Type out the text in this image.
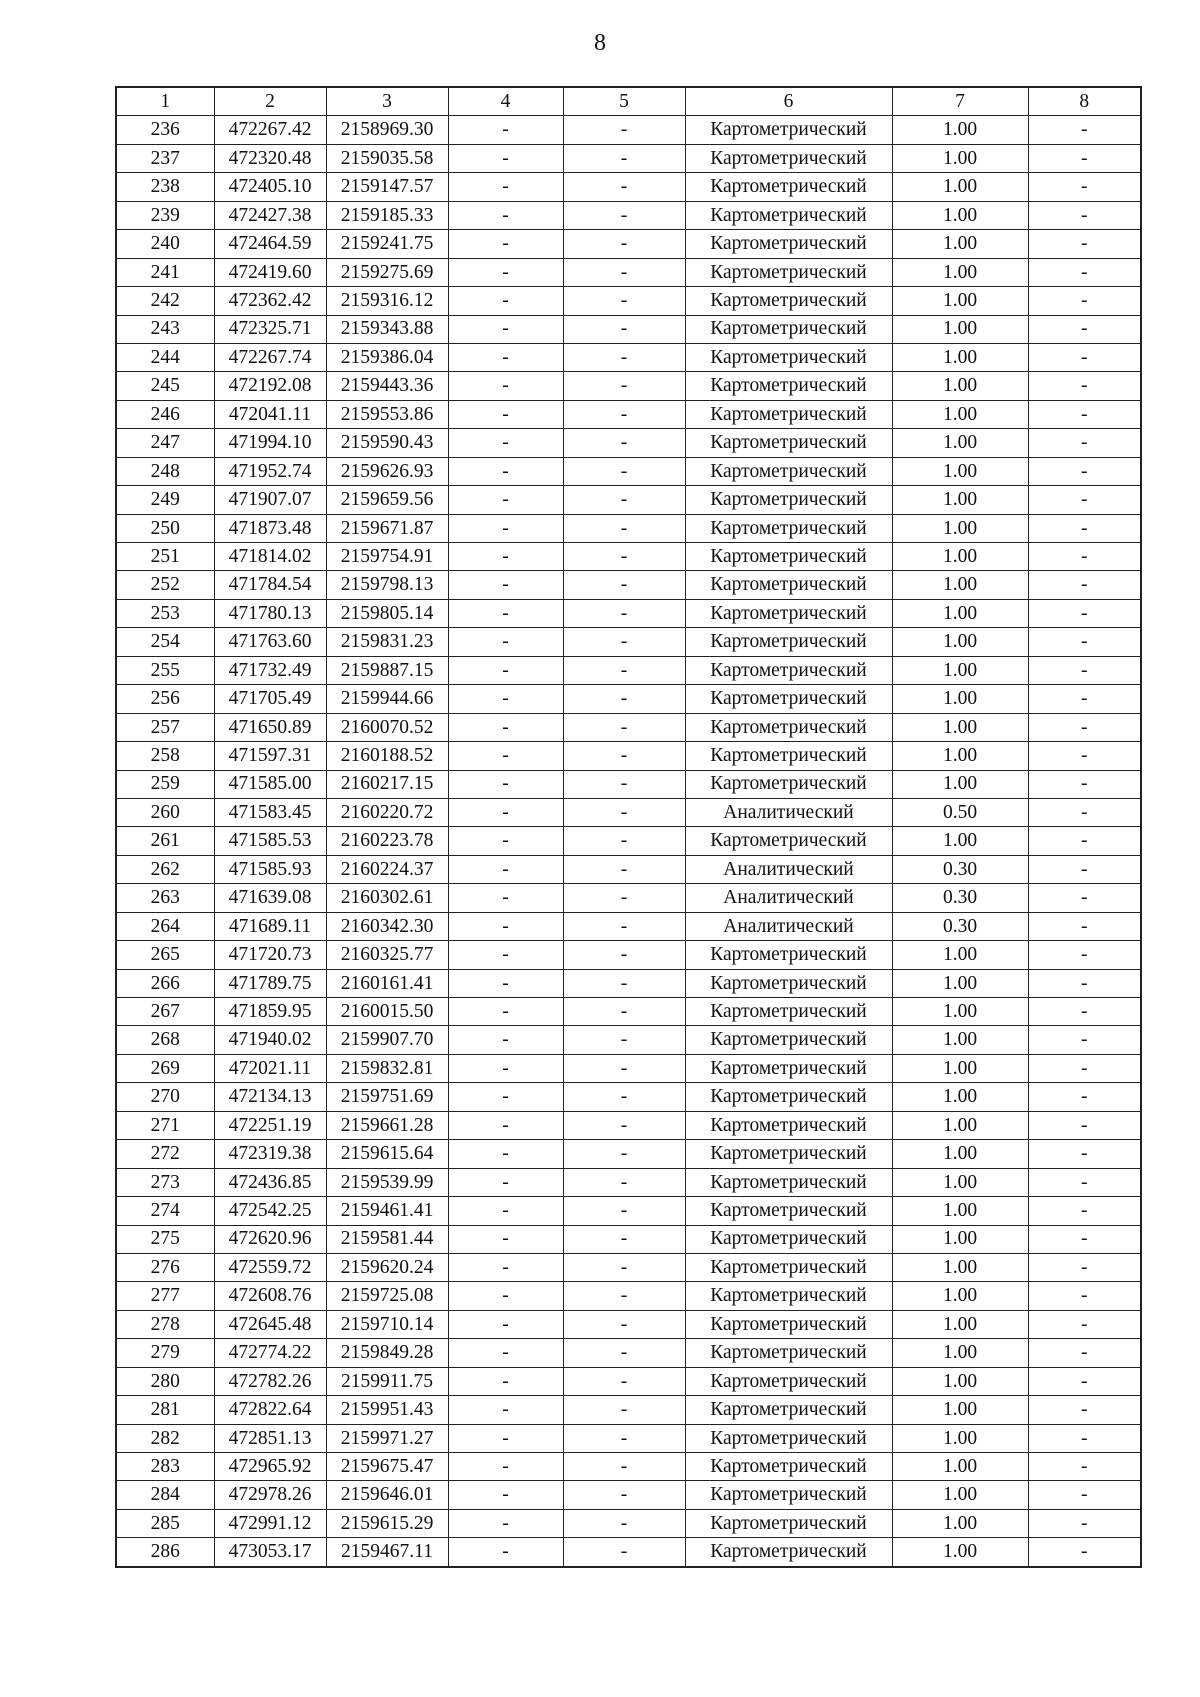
8
1	2	3	4	5	6	7	8
236	472267.42	2158969.30	-	-	Картометрический	1.00	-
237	472320.48	2159035.58	-	-	Картометрический	1.00	-
238	472405.10	2159147.57	-	-	Картометрический	1.00	-
239	472427.38	2159185.33	-	-	Картометрический	1.00	-
240	472464.59	2159241.75	-	-	Картометрический	1.00	-
241	472419.60	2159275.69	-	-	Картометрический	1.00	-
242	472362.42	2159316.12	-	-	Картометрический	1.00	-
243	472325.71	2159343.88	-	-	Картометрический	1.00	-
244	472267.74	2159386.04	-	-	Картометрический	1.00	-
245	472192.08	2159443.36	-	-	Картометрический	1.00	-
246	472041.11	2159553.86	-	-	Картометрический	1.00	-
247	471994.10	2159590.43	-	-	Картометрический	1.00	-
248	471952.74	2159626.93	-	-	Картометрический	1.00	-
249	471907.07	2159659.56	-	-	Картометрический	1.00	-
250	471873.48	2159671.87	-	-	Картометрический	1.00	-
251	471814.02	2159754.91	-	-	Картометрический	1.00	-
252	471784.54	2159798.13	-	-	Картометрический	1.00	-
253	471780.13	2159805.14	-	-	Картометрический	1.00	-
254	471763.60	2159831.23	-	-	Картометрический	1.00	-
255	471732.49	2159887.15	-	-	Картометрический	1.00	-
256	471705.49	2159944.66	-	-	Картометрический	1.00	-
257	471650.89	2160070.52	-	-	Картометрический	1.00	-
258	471597.31	2160188.52	-	-	Картометрический	1.00	-
259	471585.00	2160217.15	-	-	Картометрический	1.00	-
260	471583.45	2160220.72	-	-	Аналитический	0.50	-
261	471585.53	2160223.78	-	-	Картометрический	1.00	-
262	471585.93	2160224.37	-	-	Аналитический	0.30	-
263	471639.08	2160302.61	-	-	Аналитический	0.30	-
264	471689.11	2160342.30	-	-	Аналитический	0.30	-
265	471720.73	2160325.77	-	-	Картометрический	1.00	-
266	471789.75	2160161.41	-	-	Картометрический	1.00	-
267	471859.95	2160015.50	-	-	Картометрический	1.00	-
268	471940.02	2159907.70	-	-	Картометрический	1.00	-
269	472021.11	2159832.81	-	-	Картометрический	1.00	-
270	472134.13	2159751.69	-	-	Картометрический	1.00	-
271	472251.19	2159661.28	-	-	Картометрический	1.00	-
272	472319.38	2159615.64	-	-	Картометрический	1.00	-
273	472436.85	2159539.99	-	-	Картометрический	1.00	-
274	472542.25	2159461.41	-	-	Картометрический	1.00	-
275	472620.96	2159581.44	-	-	Картометрический	1.00	-
276	472559.72	2159620.24	-	-	Картометрический	1.00	-
277	472608.76	2159725.08	-	-	Картометрический	1.00	-
278	472645.48	2159710.14	-	-	Картометрический	1.00	-
279	472774.22	2159849.28	-	-	Картометрический	1.00	-
280	472782.26	2159911.75	-	-	Картометрический	1.00	-
281	472822.64	2159951.43	-	-	Картометрический	1.00	-
282	472851.13	2159971.27	-	-	Картометрический	1.00	-
283	472965.92	2159675.47	-	-	Картометрический	1.00	-
284	472978.26	2159646.01	-	-	Картометрический	1.00	-
285	472991.12	2159615.29	-	-	Картометрический	1.00	-
286	473053.17	2159467.11	-	-	Картометрический	1.00	-
